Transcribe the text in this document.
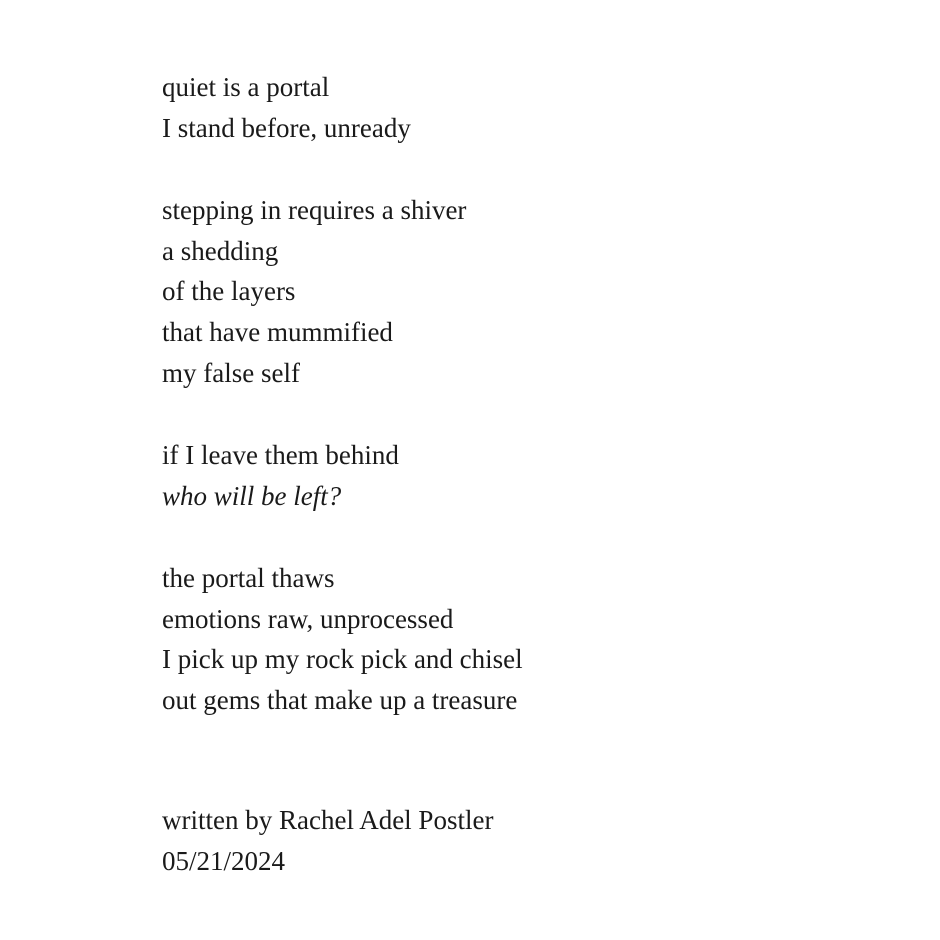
quiet is a portal
I stand before, unready
stepping in requires a shiver
a shedding
of the layers
that have mummified
my false self
if I leave them behind
who will be left?
the portal thaws
emotions raw, unprocessed
I pick up my rock pick and chisel
out gems that make up a treasure
written by Rachel Adel Postler
05/21/2024
